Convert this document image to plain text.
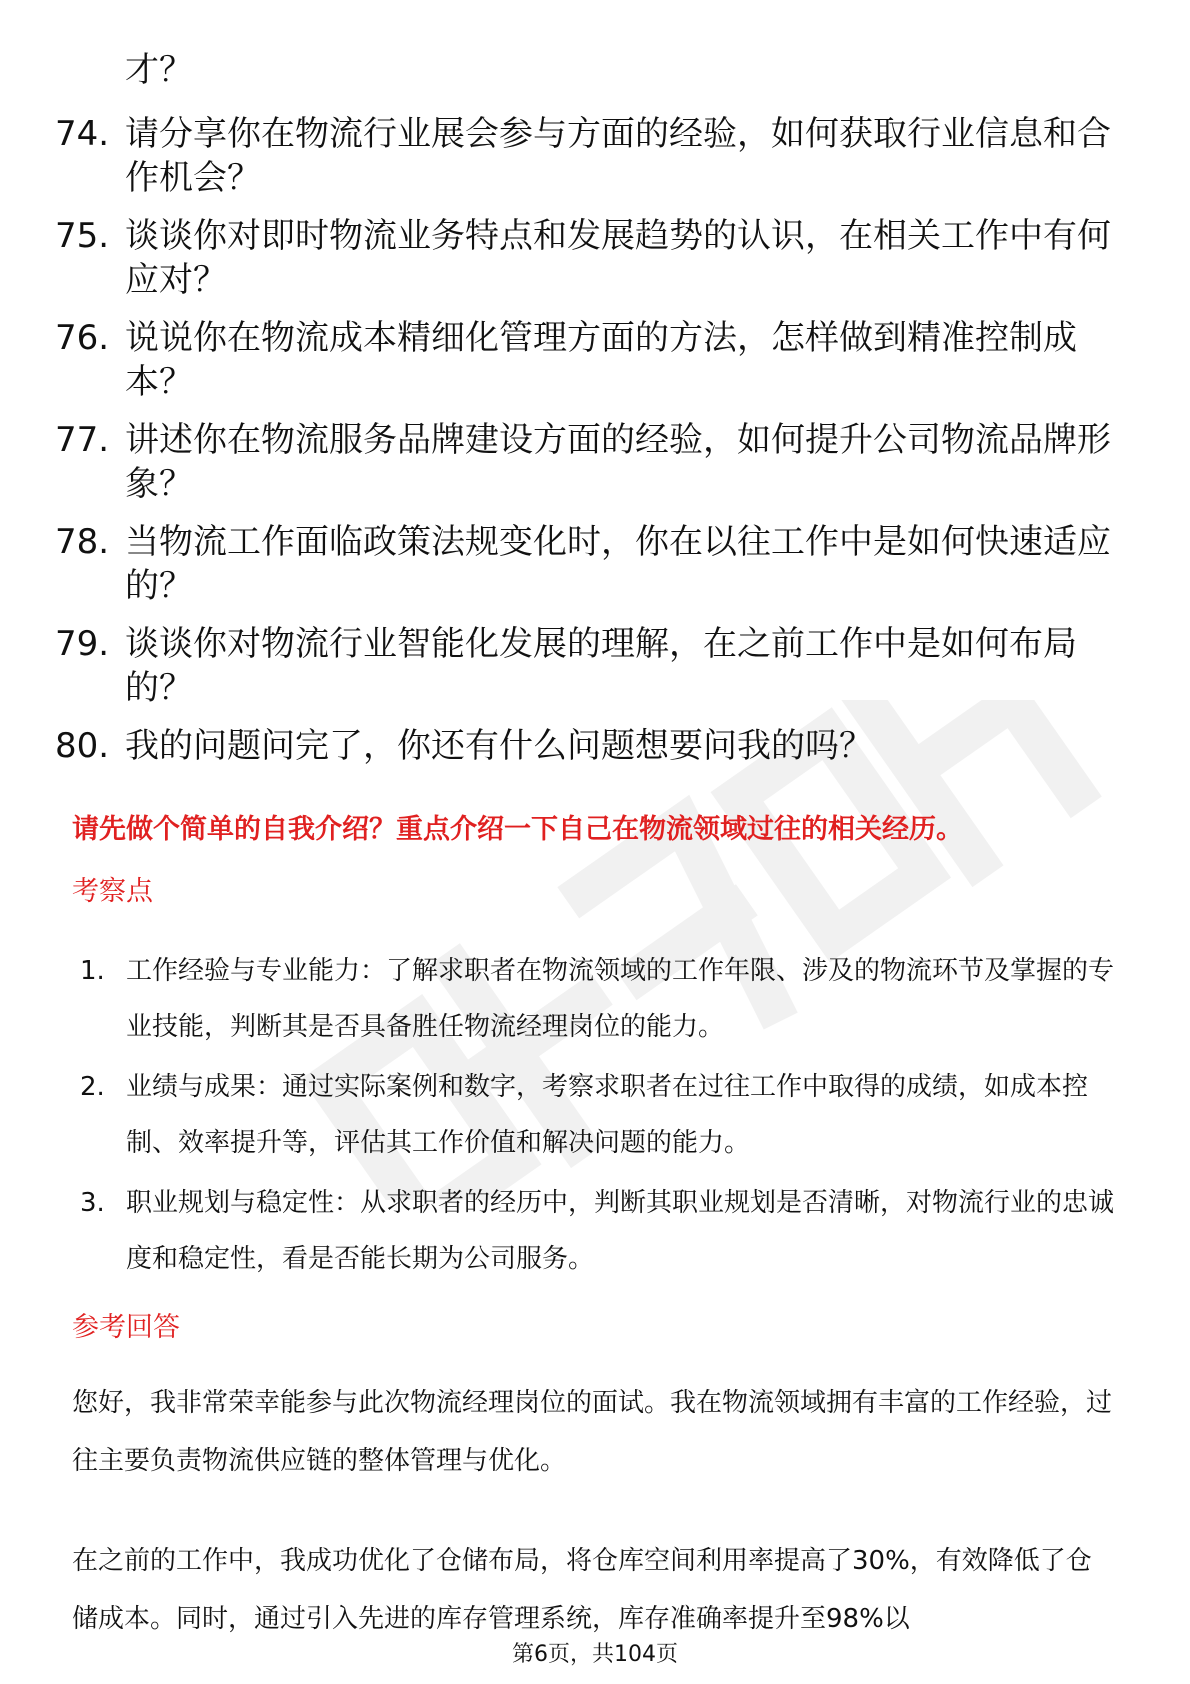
才？
74. 请分享你在物流行业展会参与方面的经验，如何获取行业信息和合作机会？
75. 谈谈你对即时物流业务特点和发展趋势的认识，在相关工作中有何应对？
76. 说说你在物流成本精细化管理方面的方法，怎样做到精准控制成本？
77. 讲述你在物流服务品牌建设方面的经验，如何提升公司物流品牌形象？
78. 当物流工作面临政策法规变化时，你在以往工作中是如何快速适应的？
79. 谈谈你对物流行业智能化发展的理解，在之前工作中是如何布局的？
80. 我的问题问完了，你还有什么问题想要问我的吗？
请先做个简单的自我介绍？重点介绍一下自己在物流领域过往的相关经历。
考察点
1. 工作经验与专业能力：了解求职者在物流领域的工作年限、涉及的物流环节及掌握的专业技能，判断其是否具备胜任物流经理岗位的能力。
2. 业绩与成果：通过实际案例和数字，考察求职者在过往工作中取得的成绩，如成本控制、效率提升等，评估其工作价值和解决问题的能力。
3. 职业规划与稳定性：从求职者的经历中，判断其职业规划是否清晰，对物流行业的忠诚度和稳定性，看是否能长期为公司服务。
参考回答

您好，我非常荣幸能参与此次物流经理岗位的面试。我在物流领域拥有丰富的工作经验，过往主要负责物流供应链的整体管理与优化。

在之前的工作中，我成功优化了仓储布局，将仓库空间利用率提高了30%，有效降低了仓储成本。同时，通过引入先进的库存管理系统，库存准确率提升至98%以

第6页，共104页
